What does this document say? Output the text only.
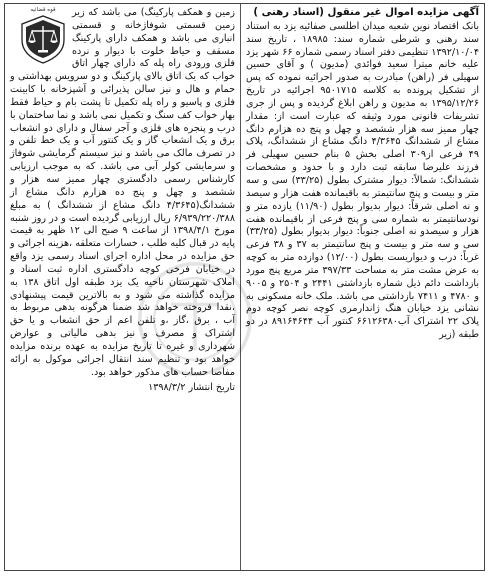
آگهی مزایده اموال غیر منقول (اسناد رهنی )

بانک اقتصاد نوین شعبه میدان اطلسی صفائیه یزد به استناد سند رهنی و شرطی شماره سند: ۱۸۹۸۵ ، تاریخ سند ۱۳۹۲/۱۰/۰۴ تنظیمی دفتر اسناد رسمی شماره ۶۶ شهر یزد علیه خانم میترا سعید فوائدی (مدیون ) و آقای حسین سهیلی فر (راهن) مبادرت به صدور اجرائیه نموده که پس از تشکیل پرونده به کلاسه ۹۵۰۱۷۱۵ اجرائیه در تاریخ ۱۳۹۵/۱۲/۲۶ به مدیون و راهن ابلاغ گردیده و پس از جری تشریفات قانونی مورد وثیقه که عبارت است از: مقدار چهار ممیز سه هزار ششصد و چهل و پنج ده هزارم دانگ مشاع از ششدانگ ۴/۳۶۴۵ دانگ مشاع از ششدانگ، پلاک ۴۹ فرعی از۳۰۹ اصلی بخش ۵ بنام حسین سهیلی فر فرزند علیرضا سابقه ثبت دارد و با حدود و مشخصات ششدانگ: شمالاً: دیوار مشترک بطول (۳۳/۲۵) سی و سه متر و بیست و پنج سانتیمتر به باقیمانده هفت هزار و سیصد و نه اصلی شرقاً: دیوار بدیوار بطول (۱۱/۹۰) یازده متر و نودسانتیمتر به شماره سی و پنج فرعی از باقیمانده هفت هزار و سیصدو نه اصلی جنوباً: دیوار بدیوار بطول (۳۳/۲۵) سی و سه متر و بیست و پنج سانتیمتر به ۳۷ و ۳۸ فرعی غرباً: درب و دیواریست بطول (۱۲/۰۰) دوازده متر به کوچه به عرض مشت متر به مساحت ۳۹۷/۳۳ متر مربع پنج مورد بازداشت دائم ذیل شماره بازداشتی ۲۴۴۱ و ۲۵۰۴ و ۹۰۰۵ و ۴۷۸۰ و ۷۴۱۱ بازداشتی می باشد. ملک خانه مسکونی به نشانی یزد خیابان هنگ ژاندارمری کوچه نصر کوچه دوم پلاک ۲۲ اشتراک آب۶۶۱۲۶۳۸۰ کنتور آب ۸۹۱۶۴۶۴۴ در دو طبقه (زیر

قوه قضائیه	زمین و همکف پارکینگ) می باشد که زیر زمین قسمتی شوفاژخانه و قسمتی انباری می باشد و همکف دارای پارکینگ مسقف و حیاط خلوت با دیوار و نرده فلزی ورودی راه پله که دارای چهار اتاق خواب که یک اتاق بالای پارکینگ و دو سرویس بهداشتی و حمام و هال و نیز سالن پذیرائی و آشپزخانه با کابینت فلزی و پاسیو و راه پله تکمیل تا پشت بام و حیاط فقط بهار خواب کف سنگ و تکمیل نمی باشد و نما ساختمان با درب و پنجره های فلزی و آجر سفال و دارای دو انشعاب برق و یک انشعاب گاز و یک کنتور آب و یک خط تلفن و در تصرف مالک می باشد و نیز سیستم گرمایشی شوفاژ و سرمایشی کولر آبی می باشد. که به موجب ارزیابی کارشناس رسمی دادگستری چهار ممیز سه هزار و ششصد و چهل و پنج ده هزارم دانگ مشاع از ششدانگ(۴/۳۶۴۵ دانگ مشاع از ششدانگ ) به مبلغ ۶/۹۳۹/۲۲۰/۳۸۸ ریال ارزیابی گردیده است و در روز شنبه مورخ ۱۳۹۸/۴/۱ از ساعت ۹ صبح الی ۱۲ ظهر به قیمت پایه در قبال کلیه طلب ، خسارات متعلقه ،هزینه اجرائی و حق مزایده در محل اداره اجرای اسناد رسمی یزد واقع در خیابان فرخی کوچه دادگستری اداره ثبت اسناد و املاک شهرستان ناحیه یک یزد طبقه اول اتاق ۱۳۸ به مزایده گذاشته می شود و به بالاترین قیمت پیشنهادی ،نقدا فروخته خواهد شد ضمنا هرگونه بدهی مربوط به آب ، برق ،گاز ،و تلفن اعم از حق انشعاب و یا حق اشتراک و مصرف و نیز بدهی مالیاتی و عوارض شهرداری و غیره تا تاریخ مزایده به عهده برنده مزایده خواهد بود و تنظیم سند انتقال اجرائی موکول به ارائه مفاصا حساب های مذکور خواهد بود.

تاریخ انتشار ۱۳۹۸/۳/۲
